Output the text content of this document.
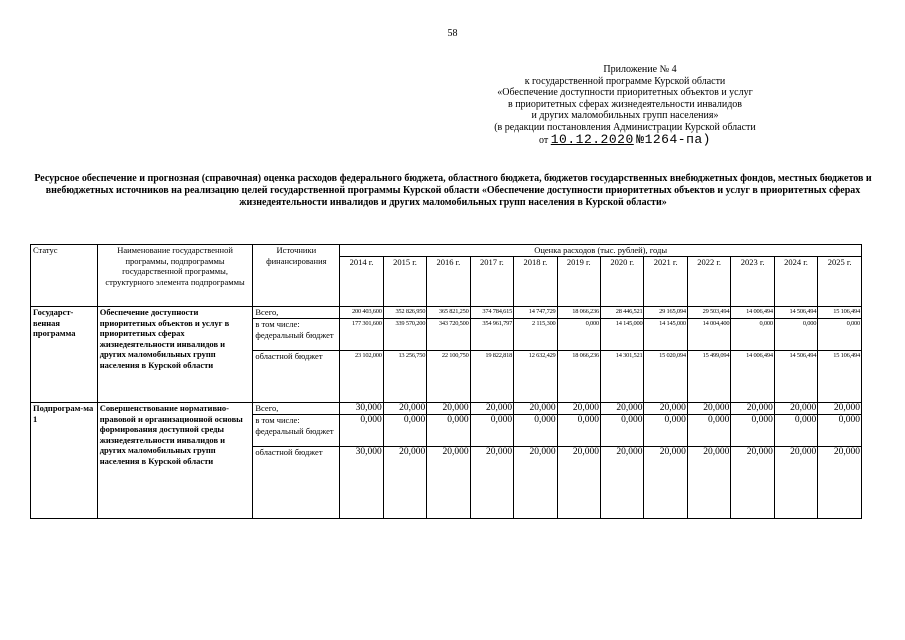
58
Приложение № 4
к государственной программе Курской области
«Обеспечение доступности приоритетных объектов и услуг
в приоритетных сферах жизнедеятельности инвалидов
и других маломобильных групп населения»
(в редакции постановления Администрации Курской области
от 10.12.2020 №1264-па)
Ресурсное обеспечение и прогнозная (справочная) оценка расходов федерального бюджета, областного бюджета, бюджетов государственных внебюджетных фондов, местных бюджетов и внебюджетных источников на реализацию целей государственной программы Курской области «Обеспечение доступности приоритетных объектов и услуг в приоритетных сферах жизнедеятельности инвалидов и других маломобильных групп населения в Курской области»
Статус	Наименование государственной программы, подпрограммы государственной программы, структурного элемента подпрограммы	Источники финансирования	Оценка расходов (тыс. рублей), годы											
			2014 г.	2015 г.	2016 г.	2017 г.	2018 г.	2019 г.	2020 г.	2021 г.	2022 г.	2023 г.	2024 г.	2025 г.
Государст-венная программа	Обеспечение доступности приоритетных объектов и услуг в приоритетных сферах жизнедеятельности инвалидов и других маломобильных групп населения в Курской области	Всего,	200 403,600	352 826,950	365 821,250	374 784,615	14 747,729	18 066,236	28 446,521	29 165,094	29 503,494	14 006,494	14 506,494	15 106,494
		в том числе: федеральный бюджет	177 301,600	339 570,200	343 720,500	354 961,797	2 115,300	0,000	14 145,000	14 145,000	14 004,400	0,000	0,000	0,000
		областной бюджет	23 102,000	13 256,750	22 100,750	19 822,818	12 632,429	18 066,236	14 301,521	15 020,094	15 499,094	14 006,494	14 506,494	15 106,494
Подпрограм-ма 1	Совершенствование нормативно-правовой и организационной основы формирования доступной среды жизнедеятельности инвалидов и других маломобильных групп населения в Курской области	Всего,	30,000	20,000	20,000	20,000	20,000	20,000	20,000	20,000	20,000	20,000	20,000	20,000
		в том числе: федеральный бюджет	0,000	0,000	0,000	0,000	0,000	0,000	0,000	0,000	0,000	0,000	0,000	0,000
		областной бюджет	30,000	20,000	20,000	20,000	20,000	20,000	20,000	20,000	20,000	20,000	20,000	20,000
